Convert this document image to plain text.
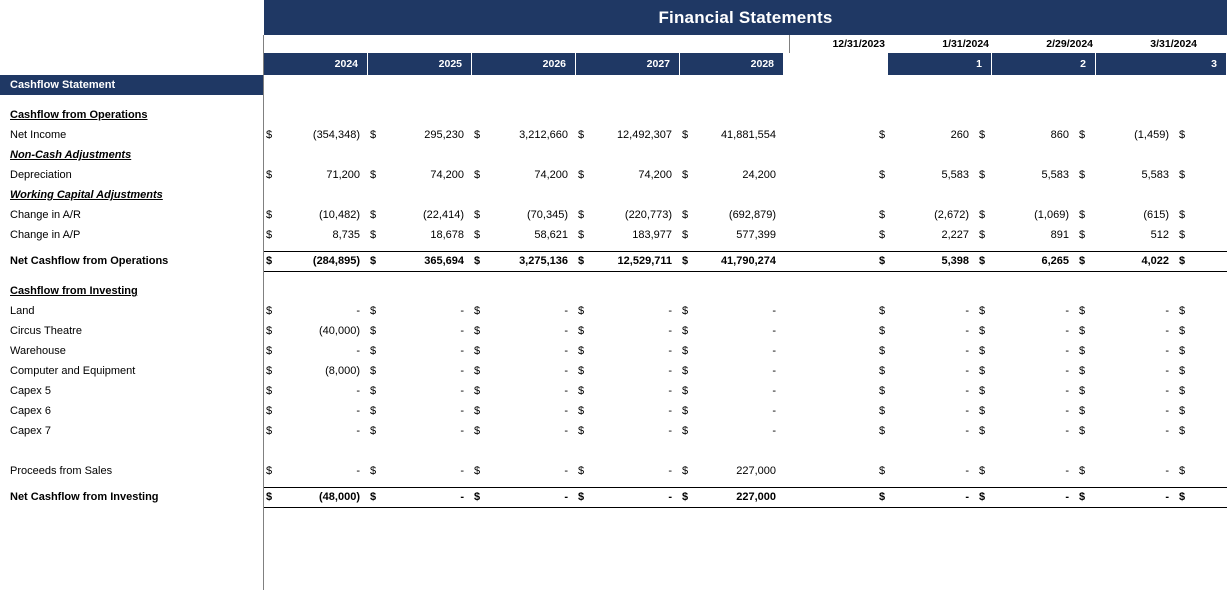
Financial Statements
12/31/2023	1/31/2024	2/29/2024	3/31/2024
2024	2025	2026	2027	2028	1	2	3
Cashflow Statement
Cashflow from Operations
Net Income	$	(354,348) $	295,230 $	3,212,660 $	12,492,307 $	41,881,554	$	260 $	860 $	(1,459) $
Non-Cash Adjustments
Depreciation	$	71,200 $	74,200 $	74,200 $	74,200 $	24,200	$	5,583 $	5,583 $	5,583 $
Working Capital Adjustments
Change in A/R	$	(10,482) $	(22,414) $	(70,345) $	(220,773) $	(692,879)	$	(2,672) $	(1,069) $	(615) $
Change in A/P	$	8,735 $	18,678 $	58,621 $	183,977 $	577,399	$	2,227 $	891 $	512 $
Net Cashflow from Operations	$	(284,895) $	365,694 $	3,275,136 $	12,529,711 $	41,790,274	$	5,398 $	6,265 $	4,022 $
Cashflow from Investing
Land	$	- $	- $	- $	- $	-	$	- $	- $	- $
Circus Theatre	$	(40,000) $	- $	- $	- $	-	$	- $	- $	- $
Warehouse	$	- $	- $	- $	- $	-	$	- $	- $	- $
Computer and Equipment	$	(8,000) $	- $	- $	- $	-	$	- $	- $	- $
Capex 5	$	- $	- $	- $	- $	-	$	- $	- $	- $
Capex 6	$	- $	- $	- $	- $	-	$	- $	- $	- $
Capex 7	$	- $	- $	- $	- $	-	$	- $	- $	- $
Proceeds from Sales	$	- $	- $	- $	- $	227,000	$	- $	- $	- $
Net Cashflow from Investing	$	(48,000) $	- $	- $	- $	227,000	$	- $	- $	- $
